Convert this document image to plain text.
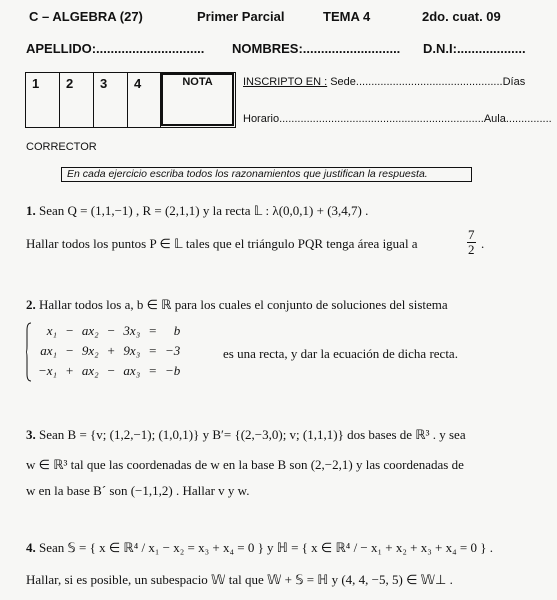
C – ALGEBRA (27)	Primer Parcial	TEMA 4	2do. cuat. 09
APELLIDO:.............................. NOMBRES:........................... D.N.I:...................
1 2 3 4	NOTA	INSCRIPTO EN : Sede................................................Días
Horario...................................................................Aula...............
CORRECTOR
En cada ejercicio escriba todos los razonamientos que justifican la respuesta.
1. Sean Q = (1,1,−1) , R = (2,1,1) y la recta 𝕃 : λ(0,0,1) + (3,4,7) .
Hallar todos los puntos P ∈ 𝕃 tales que el triángulo PQR tenga área igual a	$\frac{7}{2}$ .
2. Hallar todos los a, b ∈ ℝ para los cuales el conjunto de soluciones del sistema
x₁	−	ax₂	−	3x₃	=	b
ax₁	−	9x₂	+	9x₃	=	−3
−x₁	+	ax₂	−	ax₃	=	−b
es una recta, y dar la ecuación de dicha recta.
3. Sean B = {v; (1,2,−1); (1,0,1)} y B′= {(2,−3,0); v; (1,1,1)} dos bases de ℝ³ . y sea
w ∈ ℝ³ tal que las coordenadas de w en la base B son (2,−2,1) y las coordenadas de
w en la base B´ son (−1,1,2) . Hallar v y w.
4. Sean 𝕊 = { x ∈ ℝ⁴ / x₁ − x₂ = x₃ + x₄ = 0 } y ℍ = { x ∈ ℝ⁴ / − x₁ + x₂ + x₃ + x₄ = 0 } .
Hallar, si es posible, un subespacio 𝕎 tal que 𝕎 + 𝕊 = ℍ y (4, 4, −5, 5) ∈ 𝕎⊥ .
